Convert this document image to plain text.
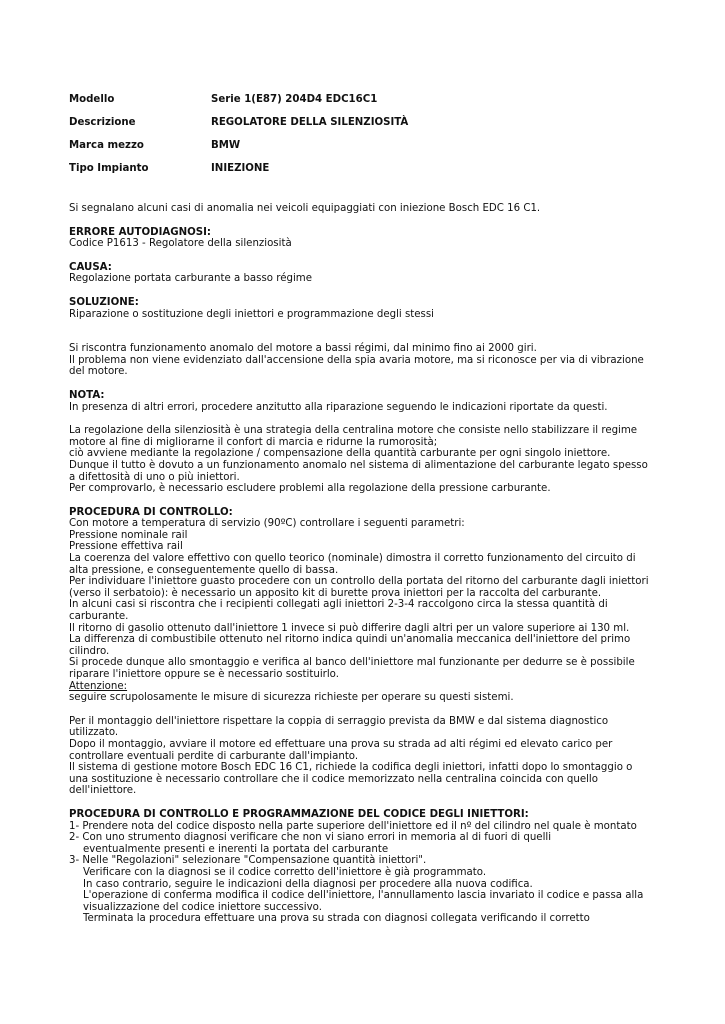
Modello	Serie 1(E87) 204D4 EDC16C1
Descrizione	REGOLATORE DELLA SILENZIOSITÀ
Marca mezzo	BMW
Tipo Impianto	INIEZIONE
Si segnalano alcuni casi di anomalia nei veicoli equipaggiati con iniezione Bosch EDC 16 C1.
ERRORE AUTODIAGNOSI:
Codice P1613 - Regolatore della silenziosità
CAUSA:
Regolazione portata carburante a basso régime
SOLUZIONE:
Riparazione o sostituzione degli iniettori e programmazione degli stessi
Si riscontra funzionamento anomalo del motore a bassi régimi, dal minimo fino ai 2000 giri.
Il problema non viene evidenziato dall'accensione della spia avaria motore, ma si riconosce per via di vibrazione
del motore.
NOTA:
In presenza di altri errori, procedere anzitutto alla riparazione seguendo le indicazioni riportate da questi.
La regolazione della silenziosità è una strategia della centralina motore che consiste nello stabilizzare il regime
motore al fine di migliorarne il confort di marcia e ridurne la rumorosità;
ciò avviene mediante la regolazione / compensazione della quantità carburante per ogni singolo iniettore.
Dunque il tutto è dovuto a un funzionamento anomalo nel sistema di alimentazione del carburante legato spesso
a difettosità di uno o più iniettori.
Per comprovarlo, è necessario escludere problemi alla regolazione della pressione carburante.
PROCEDURA DI CONTROLLO:
Con motore a temperatura di servizio (90ºC) controllare i seguenti parametri:
Pressione nominale rail
Pressione effettiva rail
La coerenza del valore effettivo con quello teorico (nominale) dimostra il corretto funzionamento del circuito di
alta pressione, e conseguentemente quello di bassa.
Per individuare l'iniettore guasto procedere con un controllo della portata del ritorno del carburante dagli iniettori
(verso il serbatoio): è necessario un apposito kit di burette prova iniettori per la raccolta del carburante.
In alcuni casi si riscontra che i recipienti collegati agli iniettori 2-3-4 raccolgono circa la stessa quantità di
carburante.
Il ritorno di gasolio ottenuto dall'iniettore 1 invece si può differire dagli altri per un valore superiore ai 130 ml.
La differenza di combustibile ottenuto nel ritorno indica quindi un'anomalia meccanica dell'iniettore del primo
cilindro.
Si procede dunque allo smontaggio e verifica al banco dell'iniettore mal funzionante per dedurre se è possibile
riparare l'iniettore oppure se è necessario sostituirlo.
Attenzione:
seguire scrupolosamente le misure di sicurezza richieste per operare su questi sistemi.
Per il montaggio dell'iniettore rispettare la coppia di serraggio prevista da BMW e dal sistema diagnostico
utilizzato.
Dopo il montaggio, avviare il motore ed effettuare una prova su strada ad alti régimi ed elevato carico per
controllare eventuali perdite di carburante dall'impianto.
Il sistema di gestione motore Bosch EDC 16 C1, richiede la codifica degli iniettori, infatti dopo lo smontaggio o
una sostituzione è necessario controllare che il codice memorizzato nella centralina coincida con quello
dell'iniettore.
PROCEDURA DI CONTROLLO E PROGRAMMAZIONE DEL CODICE DEGLI INIETTORI:
1- Prendere nota del codice disposto nella parte superiore dell'iniettore ed il nº del cilindro nel quale è montato
2- Con uno strumento diagnosi verificare che non vi siano errori in memoria al di fuori di quelli
eventualmente presenti e inerenti la portata del carburante
3- Nelle "Regolazioni" selezionare "Compensazione quantità iniettori".
Verificare con la diagnosi se il codice corretto dell'iniettore è già programmato.
In caso contrario, seguire le indicazioni della diagnosi per procedere alla nuova codifica.
L'operazione di conferma modifica il codice dell'iniettore, l'annullamento lascia invariato il codice e passa alla
visualizzazione del codice iniettore successivo.
Terminata la procedura effettuare una prova su strada con diagnosi collegata verificando il corretto
